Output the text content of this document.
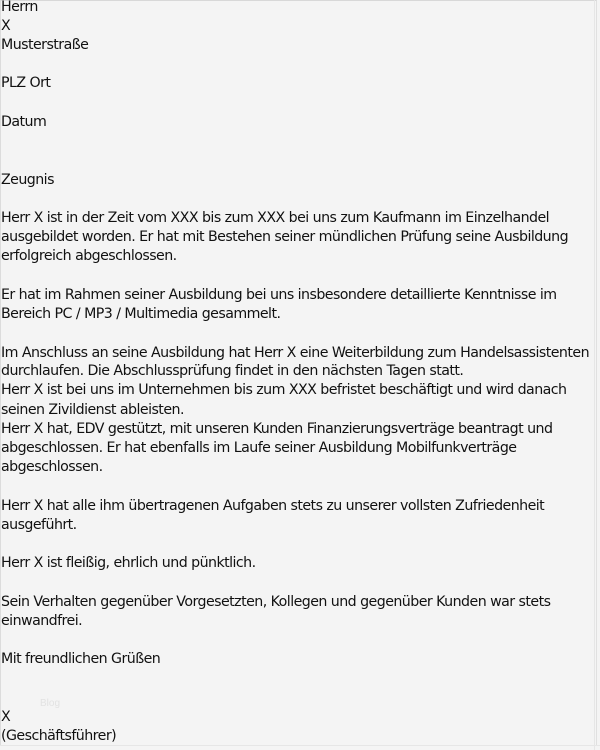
Herrn
X
Musterstraße
PLZ Ort
Datum
Zeugnis
Herr X ist in der Zeit vom XXX bis zum XXX bei uns zum Kaufmann im Einzelhandel
ausgebildet worden. Er hat mit Bestehen seiner mündlichen Prüfung seine Ausbildung
erfolgreich abgeschlossen.
Er hat im Rahmen seiner Ausbildung bei uns insbesondere detaillierte Kenntnisse im
Bereich PC / MP3 / Multimedia gesammelt.
Im Anschluss an seine Ausbildung hat Herr X eine Weiterbildung zum Handelsassistenten
durchlaufen. Die Abschlussprüfung findet in den nächsten Tagen statt.
Herr X ist bei uns im Unternehmen bis zum XXX befristet beschäftigt und wird danach
seinen Zivildienst ableisten.
Herr X hat, EDV gestützt, mit unseren Kunden Finanzierungsverträge beantragt und
abgeschlossen. Er hat ebenfalls im Laufe seiner Ausbildung Mobilfunkverträge
abgeschlossen.
Herr X hat alle ihm übertragenen Aufgaben stets zu unserer vollsten Zufriedenheit
ausgeführt.
Herr X ist fleißig, ehrlich und pünktlich.
Sein Verhalten gegenüber Vorgesetzten, Kollegen und gegenüber Kunden war stets
einwandfrei.
Mit freundlichen Grüßen
Blog
X
(Geschäftsführer)
